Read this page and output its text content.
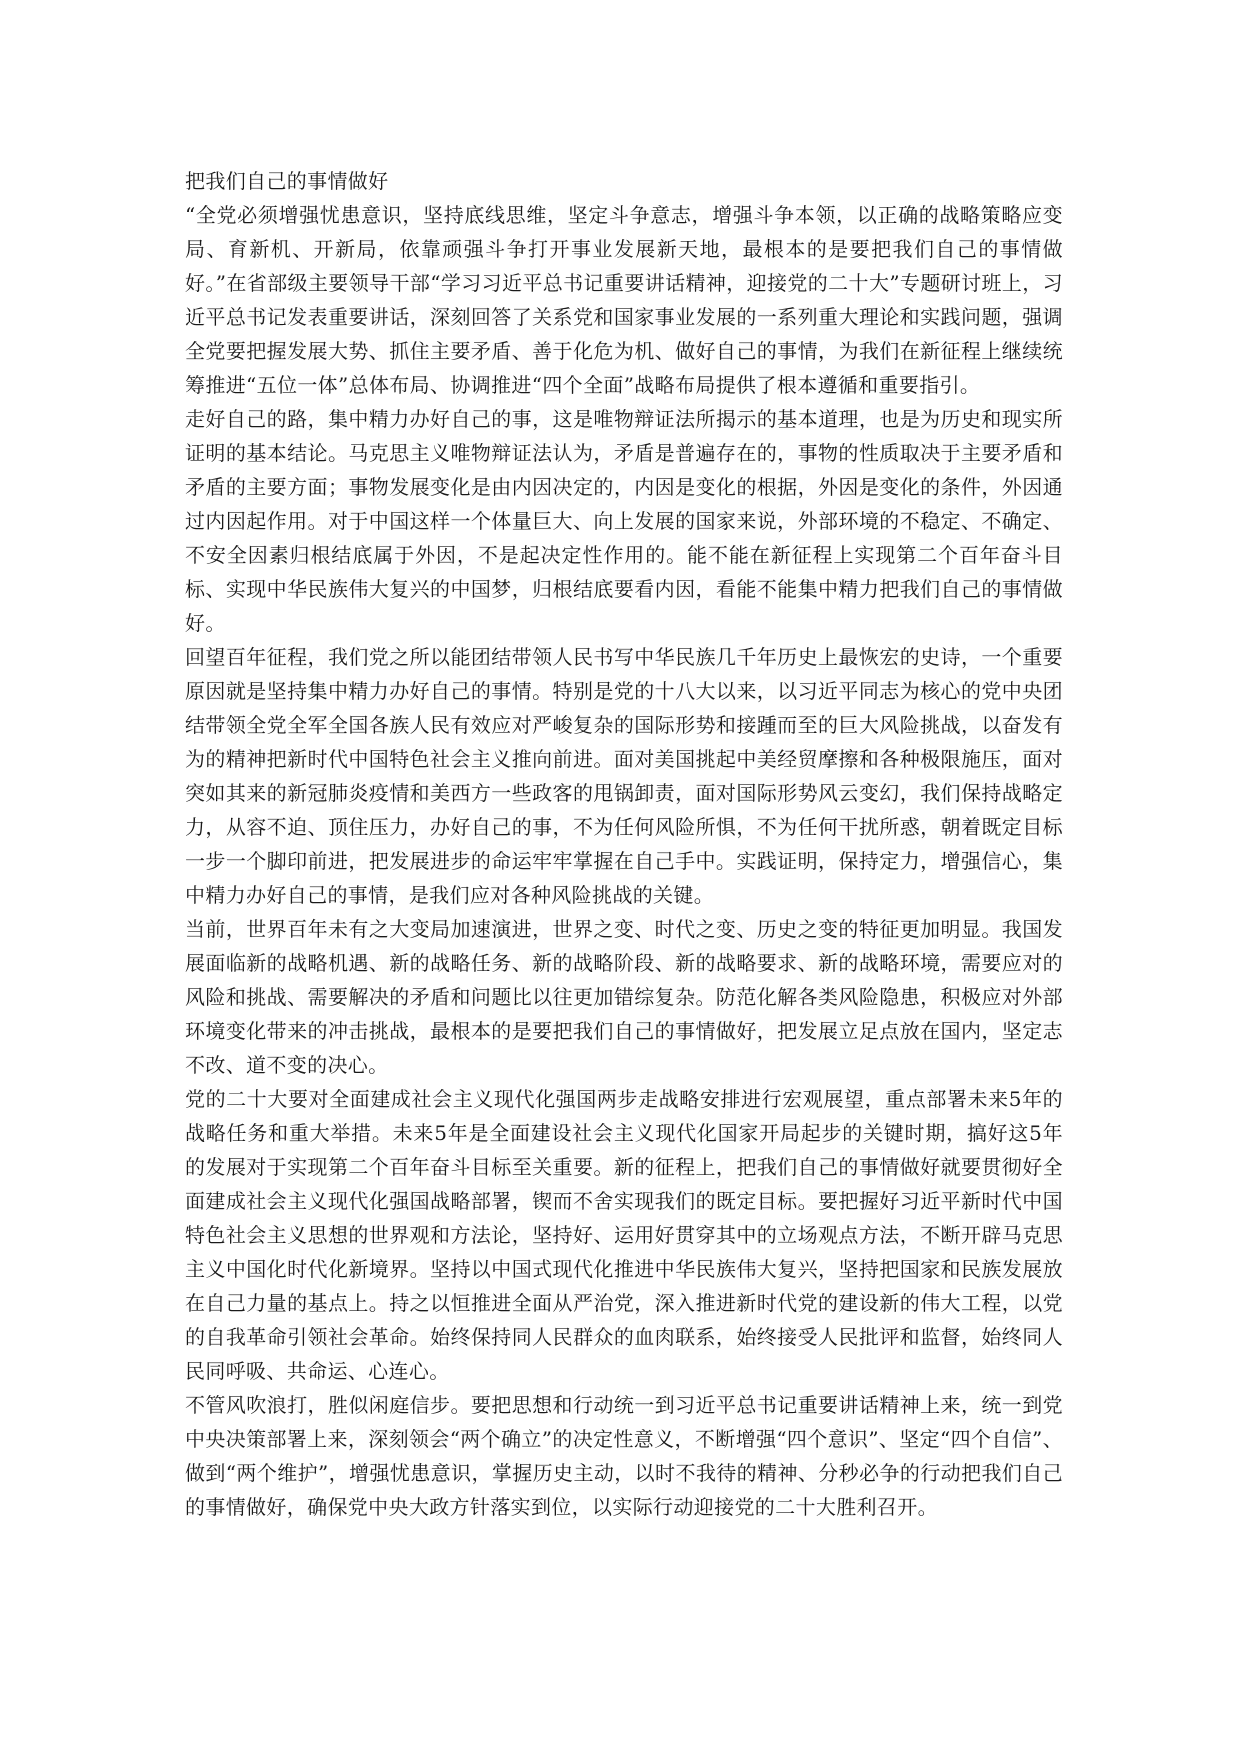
把我们自己的事情做好

“全党必须增强忧患意识，坚持底线思维，坚定斗争意志，增强斗争本领，以正确的战略策略应变局、育新机、开新局，依靠顽强斗争打开事业发展新天地，最根本的是要把我们自己的事情做好。”在省部级主要领导干部“学习习近平总书记重要讲话精神，迎接党的二十大”专题研讨班上，习近平总书记发表重要讲话，深刻回答了关系党和国家事业发展的一系列重大理论和实践问题，强调全党要把握发展大势、抓住主要矛盾、善于化危为机、做好自己的事情，为我们在新征程上继续统筹推进“五位一体”总体布局、协调推进“四个全面”战略布局提供了根本遵循和重要指引。

走好自己的路，集中精力办好自己的事，这是唯物辩证法所揭示的基本道理，也是为历史和现实所证明的基本结论。马克思主义唯物辩证法认为，矛盾是普遍存在的，事物的性质取决于主要矛盾和矛盾的主要方面；事物发展变化是由内因决定的，内因是变化的根据，外因是变化的条件，外因通过内因起作用。对于中国这样一个体量巨大、向上发展的国家来说，外部环境的不稳定、不确定、不安全因素归根结底属于外因，不是起决定性作用的。能不能在新征程上实现第二个百年奋斗目标、实现中华民族伟大复兴的中国梦，归根结底要看内因，看能不能集中精力把我们自己的事情做好。

回望百年征程，我们党之所以能团结带领人民书写中华民族几千年历史上最恢宏的史诗，一个重要原因就是坚持集中精力办好自己的事情。特别是党的十八大以来，以习近平同志为核心的党中央团结带领全党全军全国各族人民有效应对严峻复杂的国际形势和接踵而至的巨大风险挑战，以奋发有为的精神把新时代中国特色社会主义推向前进。面对美国挑起中美经贸摩擦和各种极限施压，面对突如其来的新冠肺炎疫情和美西方一些政客的甩锅卸责，面对国际形势风云变幻，我们保持战略定力，从容不迫、顶住压力，办好自己的事，不为任何风险所惧，不为任何干扰所惑，朝着既定目标一步一个脚印前进，把发展进步的命运牢牢掌握在自己手中。实践证明，保持定力，增强信心，集中精力办好自己的事情，是我们应对各种风险挑战的关键。

当前，世界百年未有之大变局加速演进，世界之变、时代之变、历史之变的特征更加明显。我国发展面临新的战略机遇、新的战略任务、新的战略阶段、新的战略要求、新的战略环境，需要应对的风险和挑战、需要解决的矛盾和问题比以往更加错综复杂。防范化解各类风险隐患，积极应对外部环境变化带来的冲击挑战，最根本的是要把我们自己的事情做好，把发展立足点放在国内，坚定志不改、道不变的决心。

党的二十大要对全面建成社会主义现代化强国两步走战略安排进行宏观展望，重点部署未来5年的战略任务和重大举措。未来5年是全面建设社会主义现代化国家开局起步的关键时期，搞好这5年的发展对于实现第二个百年奋斗目标至关重要。新的征程上，把我们自己的事情做好就要贯彻好全面建成社会主义现代化强国战略部署，锲而不舍实现我们的既定目标。要把握好习近平新时代中国特色社会主义思想的世界观和方法论，坚持好、运用好贯穿其中的立场观点方法，不断开辟马克思主义中国化时代化新境界。坚持以中国式现代化推进中华民族伟大复兴，坚持把国家和民族发展放在自己力量的基点上。持之以恒推进全面从严治党，深入推进新时代党的建设新的伟大工程，以党的自我革命引领社会革命。始终保持同人民群众的血肉联系，始终接受人民批评和监督，始终同人民同呼吸、共命运、心连心。

不管风吹浪打，胜似闲庭信步。要把思想和行动统一到习近平总书记重要讲话精神上来，统一到党中央决策部署上来，深刻领会“两个确立”的决定性意义，不断增强“四个意识”、坚定“四个自信”、做到“两个维护”，增强忧患意识，掌握历史主动，以时不我待的精神、分秒必争的行动把我们自己的事情做好，确保党中央大政方针落实到位，以实际行动迎接党的二十大胜利召开。
